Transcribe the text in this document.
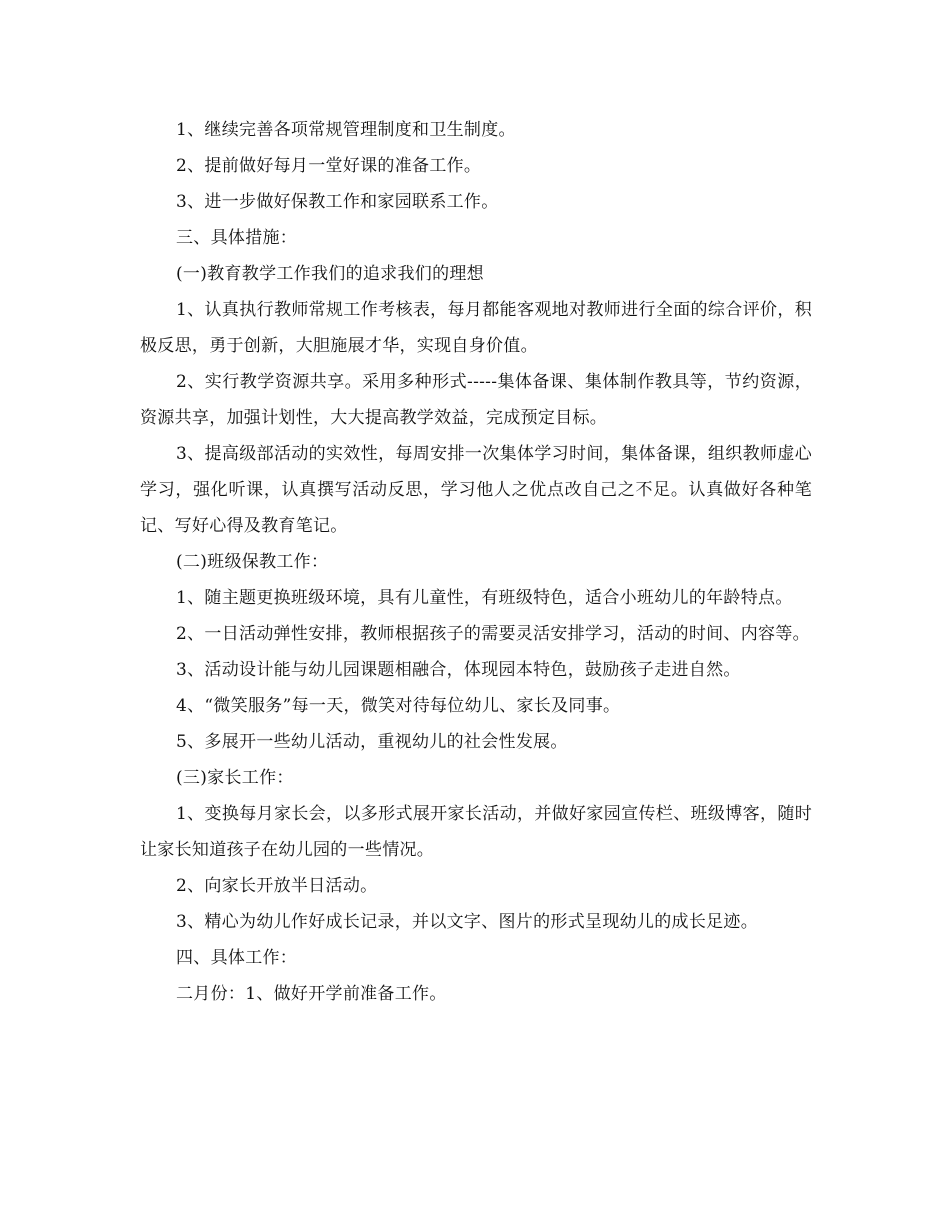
1、继续完善各项常规管理制度和卫生制度。

2、提前做好每月一堂好课的准备工作。

3、进一步做好保教工作和家园联系工作。

三、具体措施：

(一)教育教学工作我们的追求我们的理想

1、认真执行教师常规工作考核表，每月都能客观地对教师进行全面的综合评价，积极反思，勇于创新，大胆施展才华，实现自身价值。

2、实行教学资源共享。采用多种形式-----集体备课、集体制作教具等，节约资源，资源共享，加强计划性，大大提高教学效益，完成预定目标。

3、提高级部活动的实效性，每周安排一次集体学习时间，集体备课，组织教师虚心学习，强化听课，认真撰写活动反思，学习他人之优点改自己之不足。认真做好各种笔记、写好心得及教育笔记。

(二)班级保教工作：

1、随主题更换班级环境，具有儿童性，有班级特色，适合小班幼儿的年龄特点。

2、一日活动弹性安排，教师根据孩子的需要灵活安排学习，活动的时间、内容等。

3、活动设计能与幼儿园课题相融合，体现园本特色，鼓励孩子走进自然。

4、“微笑服务”每一天，微笑对待每位幼儿、家长及同事。

5、多展开一些幼儿活动，重视幼儿的社会性发展。

(三)家长工作：

1、变换每月家长会，以多形式展开家长活动，并做好家园宣传栏、班级博客，随时让家长知道孩子在幼儿园的一些情况。

2、向家长开放半日活动。

3、精心为幼儿作好成长记录，并以文字、图片的形式呈现幼儿的成长足迹。

四、具体工作：

二月份：1、做好开学前准备工作。
